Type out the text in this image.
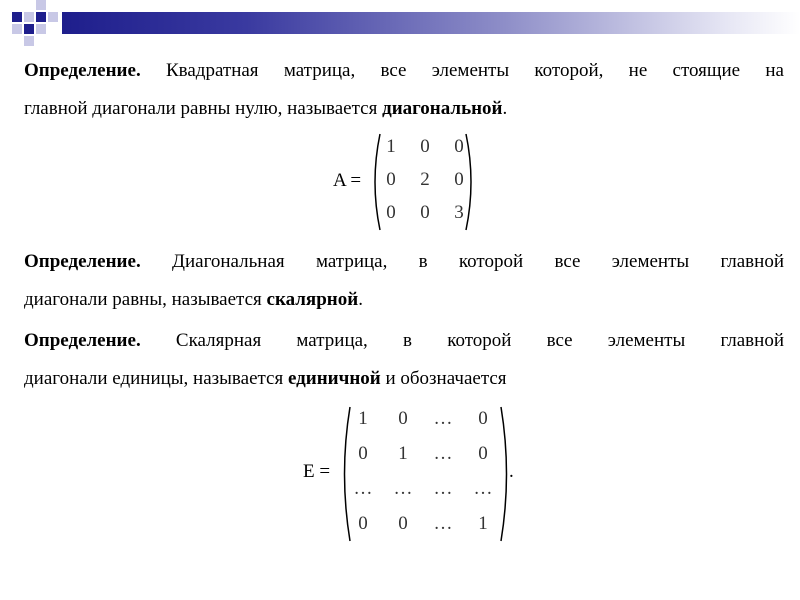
Определение. Квадратная матрица, все элементы которой, не стоящие на
главной диагонали равны нулю, называется диагональной.
A =
1	0	0
0	2	0
0	0	3
Определение. Диагональная матрица, в которой все элементы главной
диагонали равны, называется скалярной.
Определение. Скалярная матрица, в которой все элементы главной
диагонали единицы, называется единичной и обозначается
E =	.
1	0	…	0
0	1	…	0
… … … …
0	0	…	1
